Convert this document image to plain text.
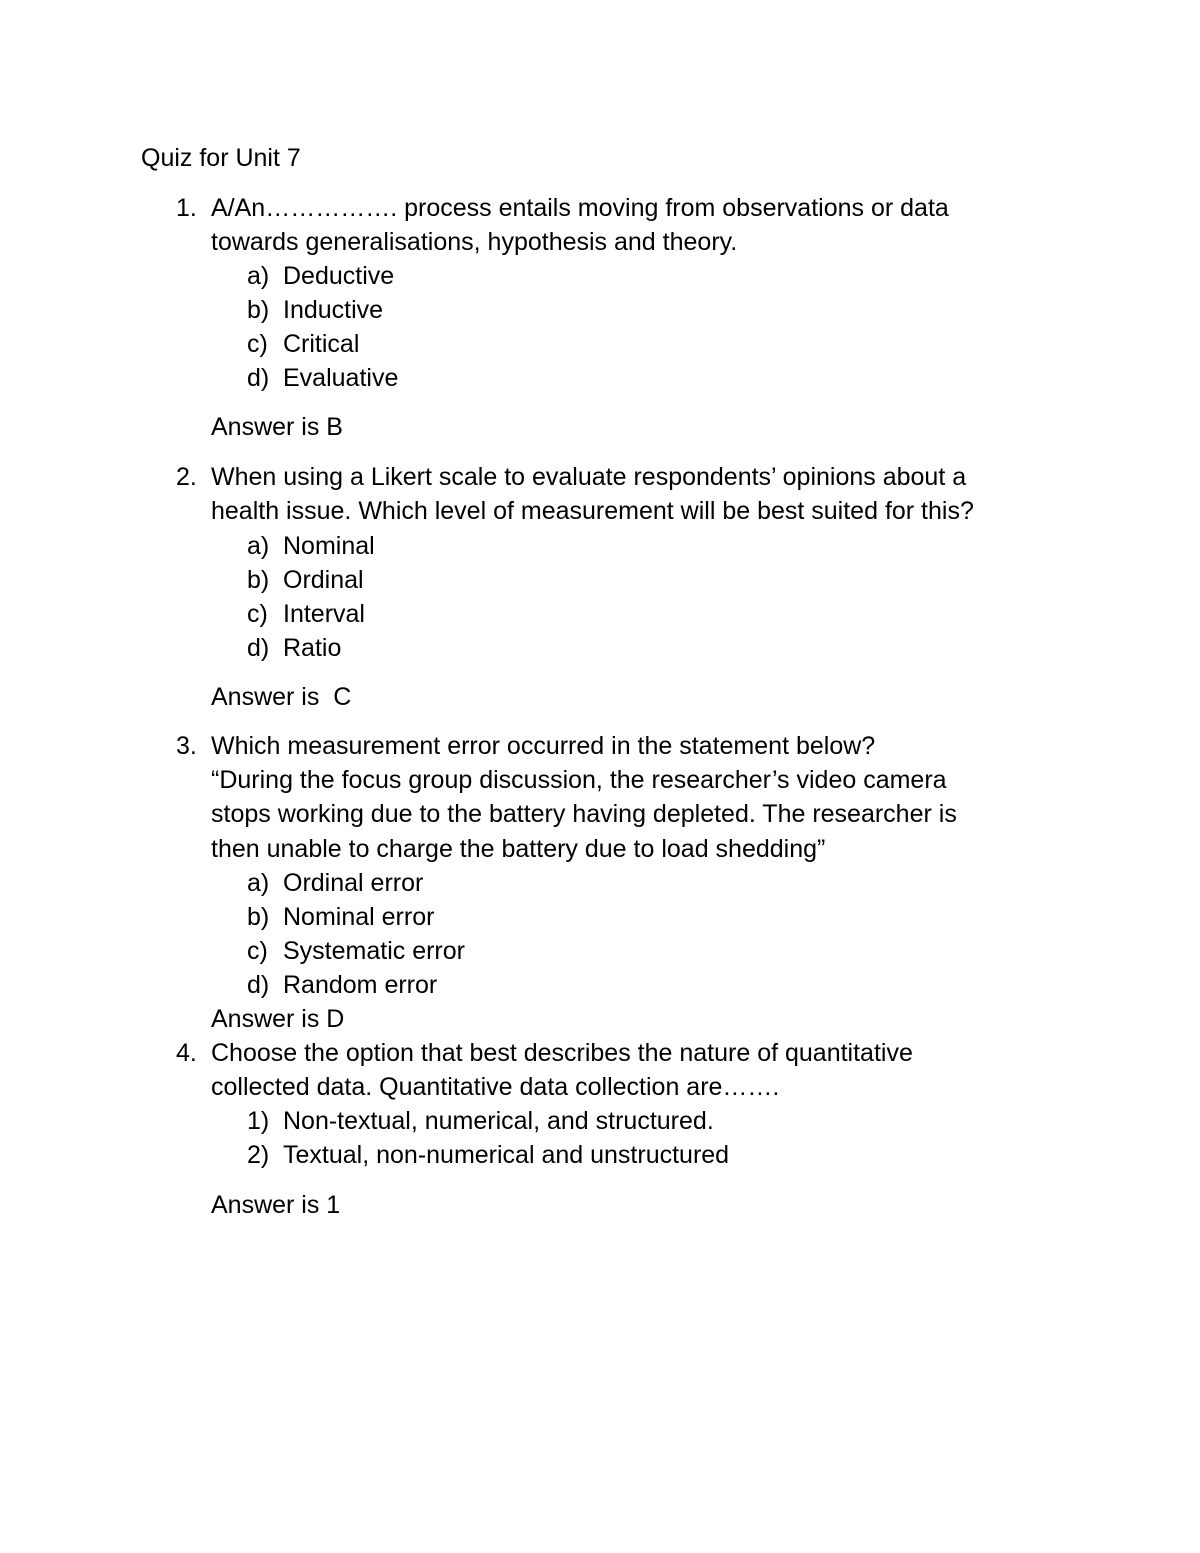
Quiz for Unit 7
1. A/An……………. process entails moving from observations or data
towards generalisations, hypothesis and theory.
a) Deductive
b) Inductive
c) Critical
d) Evaluative
Answer is B
2. When using a Likert scale to evaluate respondents’ opinions about a
health issue. Which level of measurement will be best suited for this?
a) Nominal
b) Ordinal
c) Interval
d) Ratio
Answer is  C
3. Which measurement error occurred in the statement below?
“During the focus group discussion, the researcher’s video camera
stops working due to the battery having depleted. The researcher is
then unable to charge the battery due to load shedding”
a) Ordinal error
b) Nominal error
c) Systematic error
d) Random error
Answer is D
4. Choose the option that best describes the nature of quantitative
collected data. Quantitative data collection are…….
1) Non-textual, numerical, and structured.
2) Textual, non-numerical and unstructured
Answer is 1
